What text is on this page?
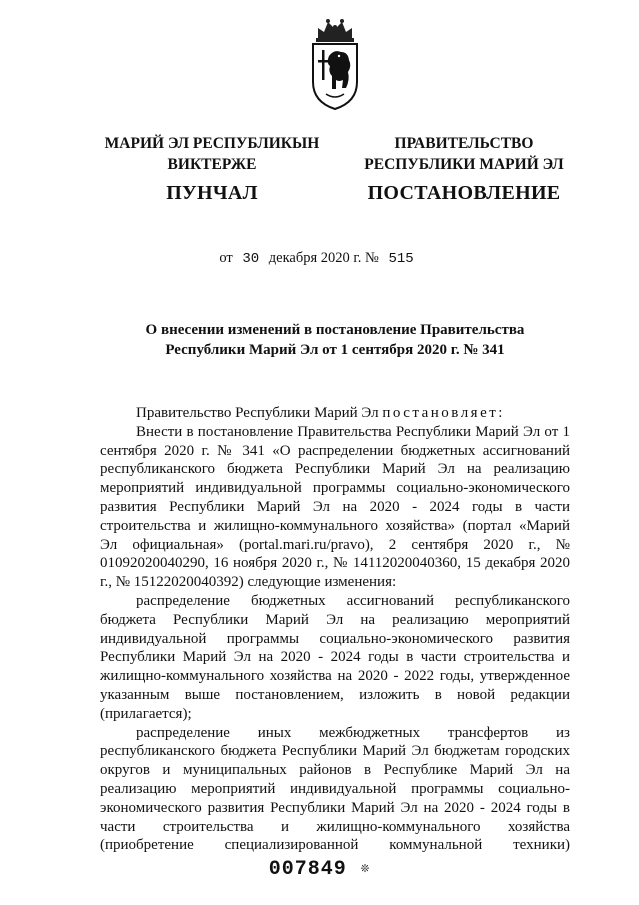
МАРИЙ ЭЛ РЕСПУБЛИКЫН
ВИКТЕРЖЕ
ПУНЧАЛ
ПРАВИТЕЛЬСТВО
РЕСПУБЛИКИ МАРИЙ ЭЛ
ПОСТАНОВЛЕНИЕ
от 30 декабря 2020 г. № 515
О внесении изменений в постановление Правительства
Республики Марий Эл от 1 сентября 2020 г. № 341

Правительство Республики Марий Эл постановляет:

Внести в постановление Правительства Республики Марий Эл от 1 сентября 2020 г. № 341 «О распределении бюджетных ассигнований республиканского бюджета Республики Марий Эл на реализацию мероприятий индивидуальной программы социально-экономического развития Республики Марий Эл на 2020 - 2024 годы в части строительства и жилищно-коммунального хозяйства» (портал «Марий Эл официальная» (portal.mari.ru/pravo), 2 сентября 2020 г., № 01092020040290, 16 ноября 2020 г., № 14112020040360, 15 декабря 2020 г., № 15122020040392) следующие изменения:

распределение бюджетных ассигнований республиканского бюджета Республики Марий Эл на реализацию мероприятий индивидуальной программы социально-экономического развития Республики Марий Эл на 2020 - 2024 годы в части строительства и жилищно-коммунального хозяйства на 2020 - 2022 годы, утвержденное указанным выше постановлением, изложить в новой редакции (прилагается);

распределение иных межбюджетных трансфертов из республиканского бюджета Республики Марий Эл бюджетам городских округов и муниципальных районов в Республике Марий Эл на реализацию мероприятий индивидуальной программы социально-экономического развития Республики Марий Эл на 2020 - 2024 годы в части строительства и жилищно-коммунального хозяйства (приобретение специализированной коммунальной техники)

007849 ❊
